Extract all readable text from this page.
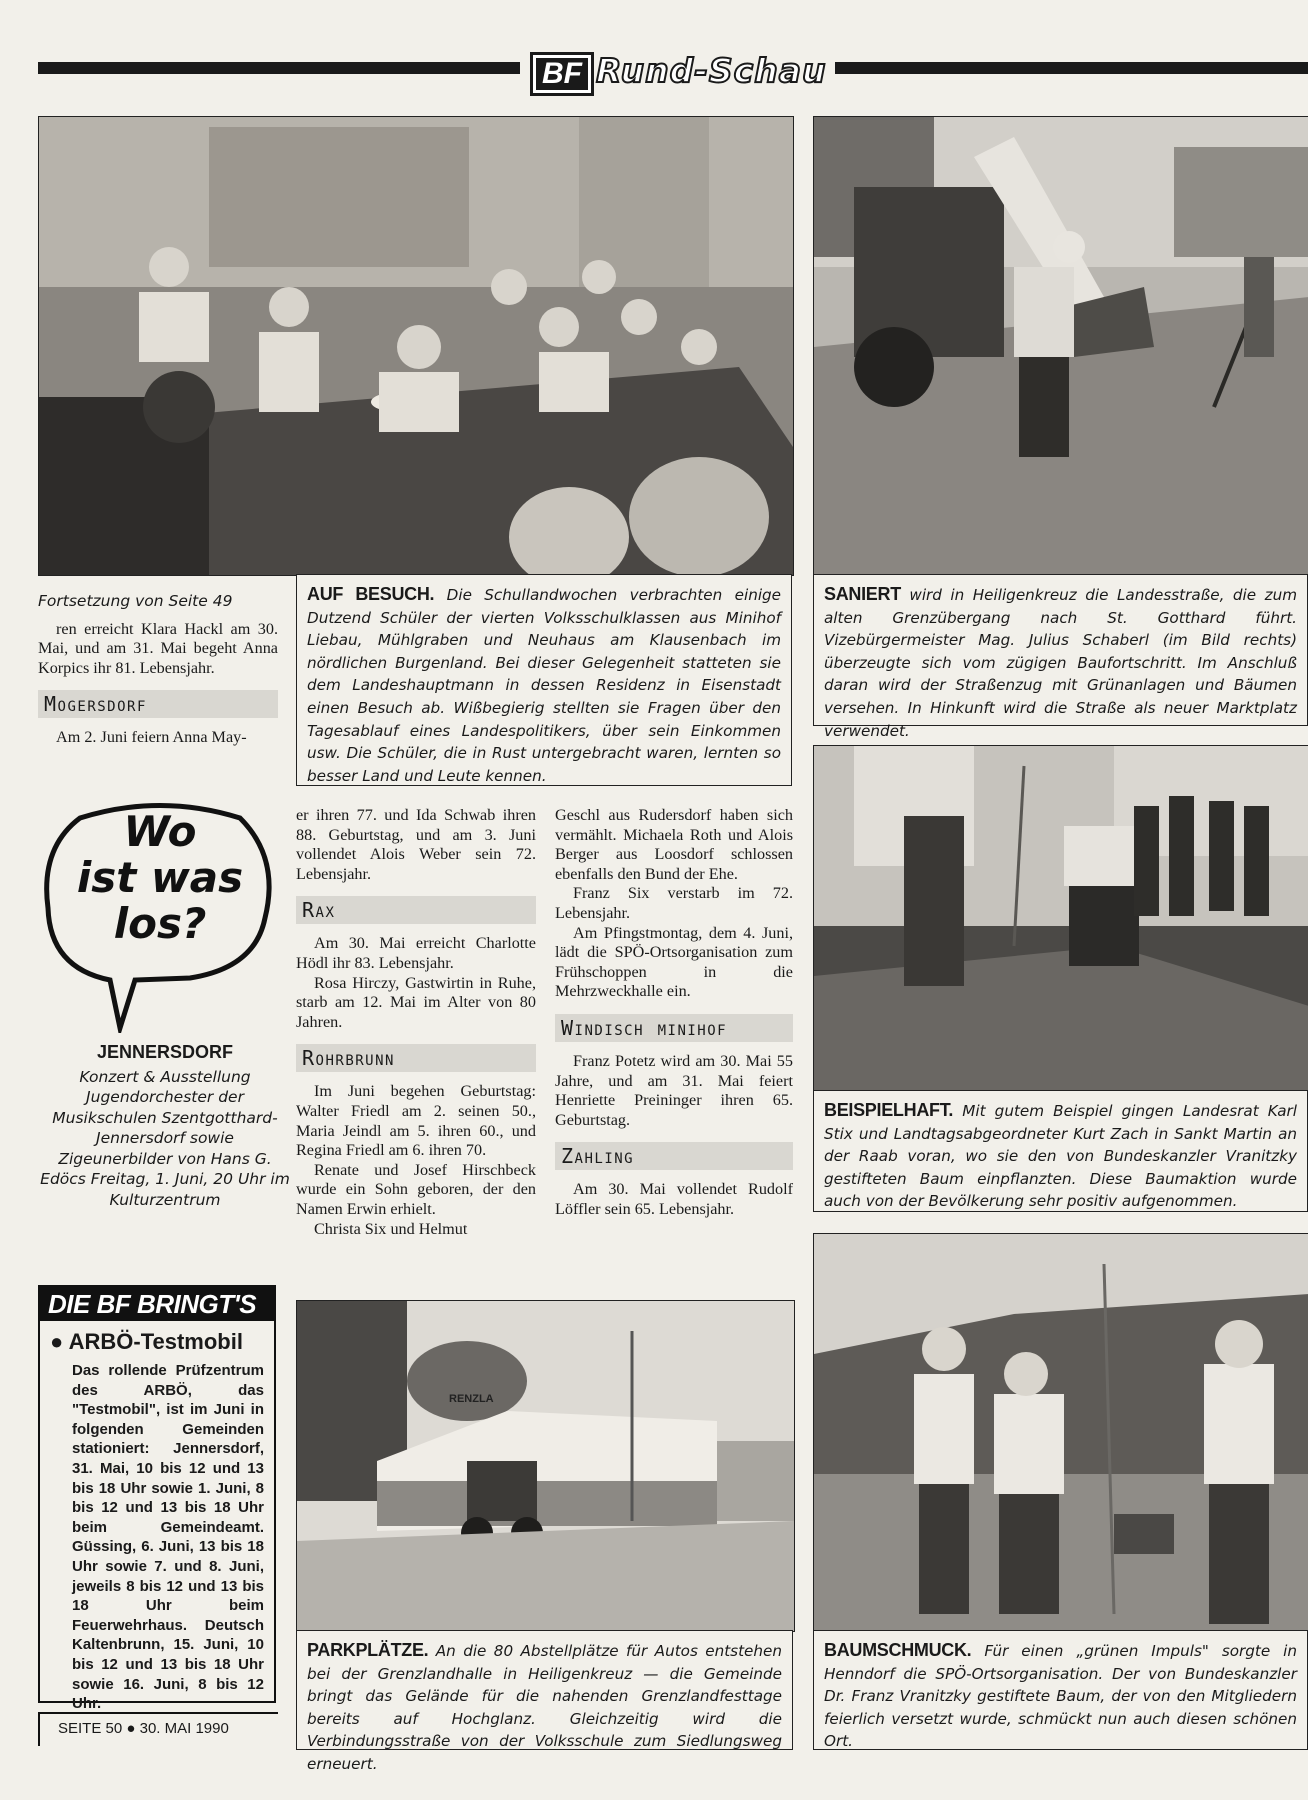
BF Rund-Schau
Fortsetzung von Seite 49

ren erreicht Klara Hackl am 30. Mai, und am 31. Mai begeht Anna Korpics ihr 81. Lebensjahr.

Mogersdorf

Am 2. Juni feiern Anna May-

AUF BESUCH. Die Schullandwochen verbrachten einige Dutzend Schüler der vierten Volksschulklassen aus Minihof Liebau, Mühlgraben und Neuhaus am Klausenbach im nördlichen Burgenland. Bei dieser Gelegenheit statteten sie dem Landeshauptmann in dessen Residenz in Eisenstadt einen Besuch ab. Wißbegierig stellten sie Fragen über den Tagesablauf eines Landespolitikers, über sein Einkommen usw. Die Schüler, die in Rust untergebracht waren, lernten so besser Land und Leute kennen.
SANIERT wird in Heiligenkreuz die Landesstraße, die zum alten Grenzübergang nach St. Gotthard führt. Vizebürgermeister Mag. Julius Schaberl (im Bild rechts) überzeugte sich vom zügigen Baufortschritt. Im Anschluß daran wird der Straßenzug mit Grünanlagen und Bäumen versehen. In Hinkunft wird die Straße als neuer Marktplatz verwendet.
BEISPIELHAFT. Mit gutem Beispiel gingen Landesrat Karl Stix und Landtagsabgeordneter Kurt Zach in Sankt Martin an der Raab voran, wo sie den von Bundeskanzler Vranitzky gestifteten Baum einpflanzten. Diese Baumaktion wurde auch von der Bevölkerung sehr positiv aufgenommen.
Wo
ist was
los?
JENNERSDORF
Konzert & Ausstellung Jugendorchester der Musikschulen Szentgotthard-Jennersdorf sowie Zigeunerbilder von Hans G. Edöcs Freitag, 1. Juni, 20 Uhr im Kulturzentrum

er ihren 77. und Ida Schwab ihren 88. Geburtstag, und am 3. Juni vollendet Alois Weber sein 72. Lebensjahr.

Rax

Am 30. Mai erreicht Charlotte Hödl ihr 83. Lebensjahr.

Rosa Hirczy, Gastwirtin in Ruhe, starb am 12. Mai im Alter von 80 Jahren.

Rohrbrunn

Im Juni begehen Geburtstag: Walter Friedl am 2. seinen 50., Maria Jeindl am 5. ihren 60., und Regina Friedl am 6. ihren 70.

Renate und Josef Hirschbeck wurde ein Sohn geboren, der den Namen Erwin erhielt.

Christa Six und Helmut

Geschl aus Rudersdorf haben sich vermählt. Michaela Roth und Alois Berger aus Loosdorf schlossen ebenfalls den Bund der Ehe.

Franz Six verstarb im 72. Lebensjahr.

Am Pfingstmontag, dem 4. Juni, lädt die SPÖ-Ortsorganisation zum Frühschoppen in die Mehrzweckhalle ein.

Windisch minihof

Franz Potetz wird am 30. Mai 55 Jahre, und am 31. Mai feiert Henriette Preininger ihren 65. Geburtstag.

Zahling

Am 30. Mai vollendet Rudolf Löffler sein 65. Lebensjahr.

RENZLA
PARKPLÄTZE. An die 80 Abstellplätze für Autos entstehen bei der Grenzlandhalle in Heiligenkreuz — die Gemeinde bringt das Gelände für die nahenden Grenzlandfesttage bereits auf Hochglanz. Gleichzeitig wird die Verbindungsstraße von der Volksschule zum Siedlungsweg erneuert.
BAUMSCHMUCK. Für einen „grünen Impuls" sorgte in Henndorf die SPÖ-Ortsorganisation. Der von Bundeskanzler Dr. Franz Vranitzky gestiftete Baum, der von den Mitgliedern feierlich versetzt wurde, schmückt nun auch diesen schönen Ort.
DIE BF BRINGT'S
● ARBÖ-Testmobil
Das rollende Prüfzentrum des ARBÖ, das "Testmobil", ist im Juni in folgenden Gemeinden stationiert: Jennersdorf, 31. Mai, 10 bis 12 und 13 bis 18 Uhr sowie 1. Juni, 8 bis 12 und 13 bis 18 Uhr beim Gemeindeamt. Güssing, 6. Juni, 13 bis 18 Uhr sowie 7. und 8. Juni, jeweils 8 bis 12 und 13 bis 18 Uhr beim Feuerwehrhaus. Deutsch Kaltenbrunn, 15. Juni, 10 bis 12 und 13 bis 18 Uhr sowie 16. Juni, 8 bis 12 Uhr.
SEITE 50 ● 30. MAI 1990
